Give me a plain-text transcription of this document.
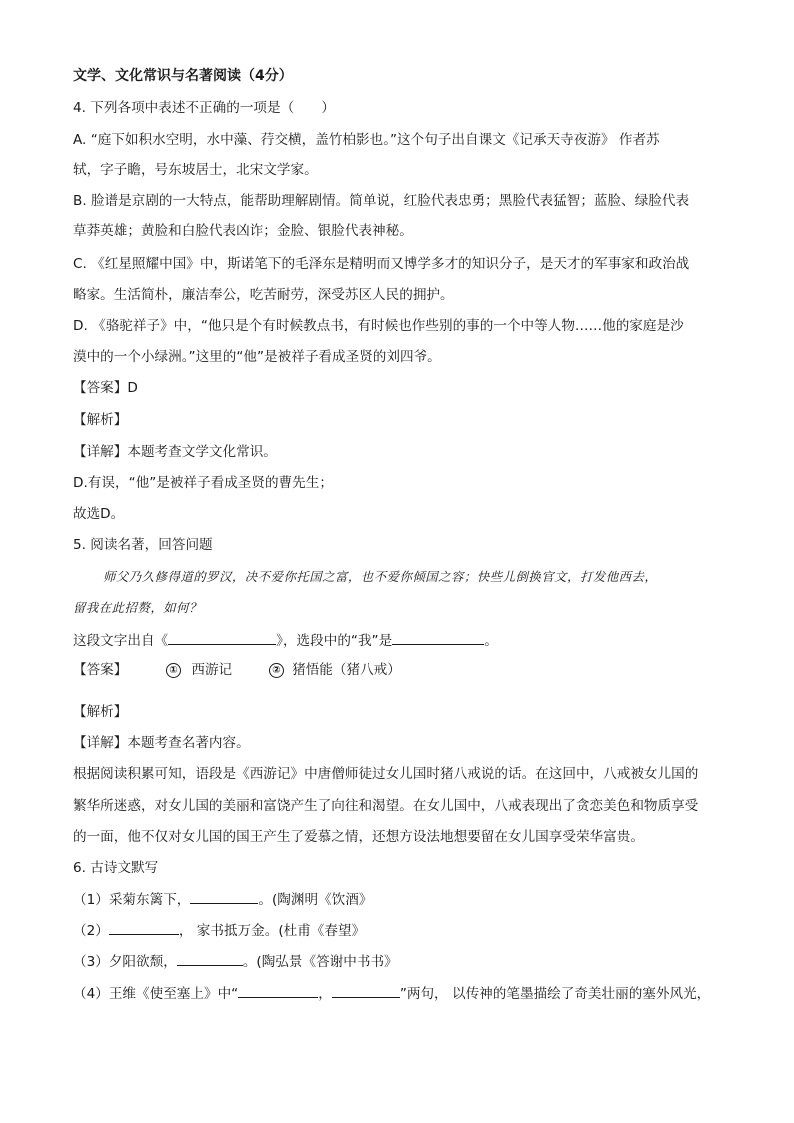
文学、文化常识与名著阅读（4分）
4. 下列各项中表述不正确的一项是（　　）
A. “庭下如积水空明，水中藻、荇交横，盖竹柏影也。”这个句子出自课文《记承天寺夜游》 作者苏
轼，字子瞻，号东坡居士，北宋文学家。
B. 脸谱是京剧的一大特点，能帮助理解剧情。简单说，红脸代表忠勇；黑脸代表猛智；蓝脸、绿脸代表
草莽英雄；黄脸和白脸代表凶诈；金脸、银脸代表神秘。
C. 《红星照耀中国》中，斯诺笔下的毛泽东是精明而又博学多才的知识分子，是天才的军事家和政治战
略家。生活简朴，廉洁奉公，吃苦耐劳，深受苏区人民的拥护。
D. 《骆驼祥子》中，“他只是个有时候教点书，有时候也作些别的事的一个中等人物……他的家庭是沙
漠中的一个小绿洲。”这里的“他”是被祥子看成圣贤的刘四爷。
【答案】D
【解析】
【详解】本题考查文学文化常识。
D.有误，“他”是被祥子看成圣贤的曹先生；
故选D。
5. 阅读名著，回答问题
师父乃久修得道的罗汉，决不爱你托国之富，也不爱你倾国之容；快些儿倒换官文，打发他西去，
留我在此招赘，如何？
这段文字出自《	》，选段中的“我”是	。
【答案】	① 西游记	② 猪悟能（猪八戒）
【解析】
【详解】本题考查名著内容。
根据阅读积累可知，语段是《西游记》中唐僧师徒过女儿国时猪八戒说的话。在这回中，八戒被女儿国的
繁华所迷惑，对女儿国的美丽和富饶产生了向往和渴望。在女儿国中，八戒表现出了贪恋美色和物质享受
的一面，他不仅对女儿国的国王产生了爱慕之情，还想方设法地想要留在女儿国享受荣华富贵。
6. 古诗文默写
（1）采菊东篱下，	。(陶渊明《饮酒》
（2）	， 家书抵万金。(杜甫《春望》
（3）夕阳欲颓，	。(陶弘景《答谢中书书》
（4）王维《使至塞上》中“	，	”两句， 以传神的笔墨描绘了奇美壮丽的塞外风光，
